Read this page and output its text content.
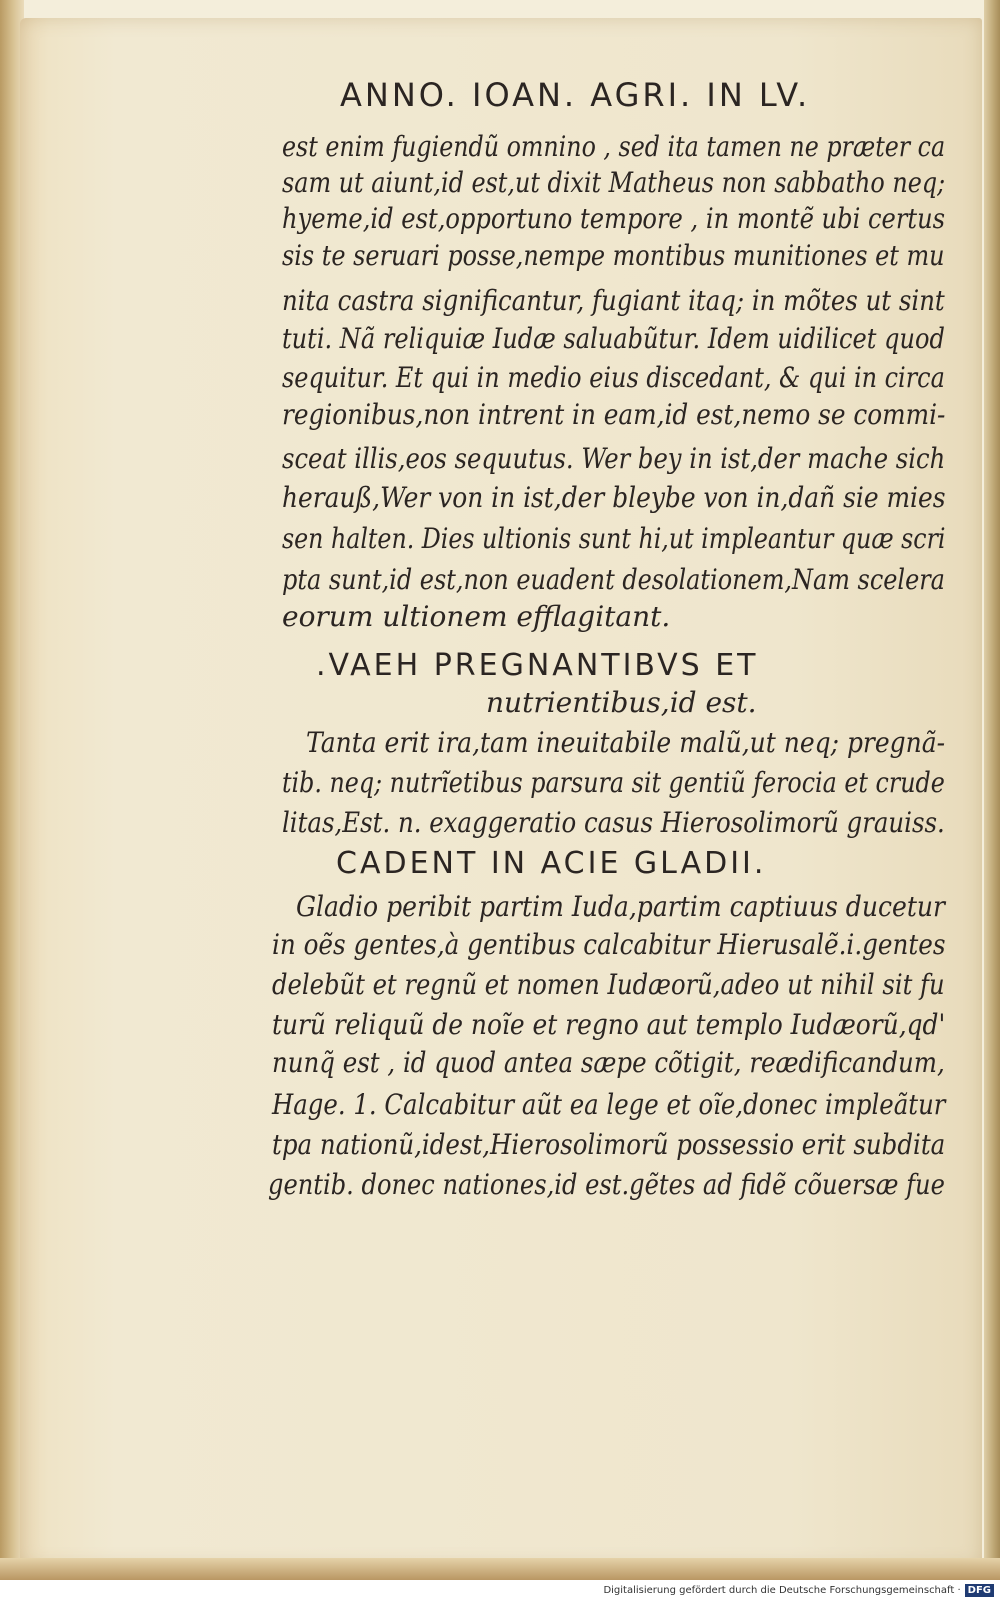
ANNO. IOAN. AGRI. IN LV.
est enim fugiendũ omnino , sed ita tamen ne præter ca
sam ut aiunt,id est,ut dixit Matheus non sabbatho neq;
hyeme,id est,opportuno tempore , in montẽ ubi certus
sis te seruari posse,nempe montibus munitiones et mu
nita castra significantur, fugiant itaq; in mõtes ut sint
tuti. Nã reliquiæ Iudæ saluabũtur. Idem uidilicet quod
sequitur. Et qui in medio eius discedant, & qui in circa
regionibus,non intrent in eam,id est,nemo se commi-
sceat illis,eos sequutus. Wer bey in ist,der mache sich
herauß,Wer von in ist,der bleybe von in,dañ sie mies
sen halten. Dies ultionis sunt hi,ut impleantur quæ scri
pta sunt,id est,non euadent desolationem,Nam scelera
eorum ultionem efflagitant.
.VAEH PREGNANTIBVS ET
nutrientibus,id est.
Tanta erit ira,tam ineuitabile malũ,ut neq; pregnã-
tib. neq; nutrĩetibus parsura sit gentiũ ferocia et crude
litas,Est. n. exaggeratio casus Hierosolimorũ grauiss.
CADENT IN ACIE GLADII.
Gladio peribit partim Iuda,partim captiuus ducetur
in oẽs gentes,à gentibus calcabitur Hierusalẽ.i.gentes
delebũt et regnũ et nomen Iudæorũ,adeo ut nihil sit fu
turũ reliquũ de noĩe et regno aut templo Iudæorũ,qd'
nunq̃ est , id quod antea sæpe cõtigit, reædificandum,
Hage. 1. Calcabitur aũt ea lege et oĩe,donec impleãtur
tpa nationũ,idest,Hierosolimorũ possessio erit subdita
gentib. donec nationes,id est.gẽtes ad fidẽ cõuersæ fue
Digitalisierung gefördert durch die Deutsche Forschungsgemeinschaft · DFG
